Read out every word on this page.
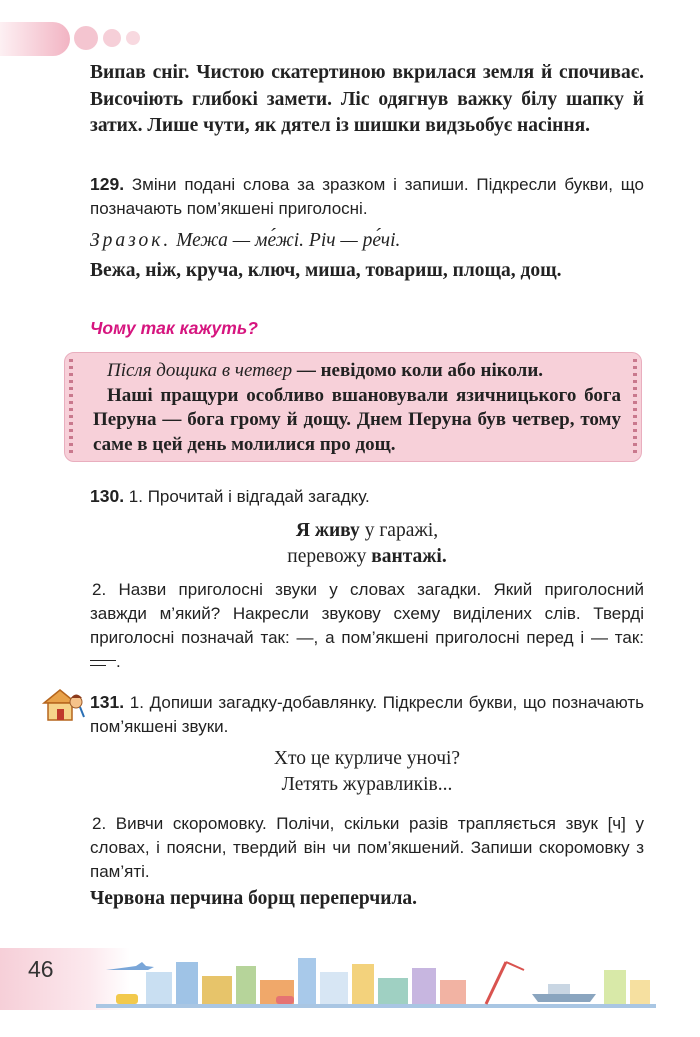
Випав сніг. Чистою скатертиною вкрилася земля й спочиває. Височіють глибокі замети. Ліс одягнув важку білу шапку й затих. Лише чути, як дятел із шишки видзьобує насіння.
129. Зміни подані слова за зразком і запиши. Підкресли букви, що позначають пом’якшені приголосні.
Зразок. Межа — ме́жі. Річ — ре́чі.
Вежа, ніж, круча, ключ, миша, товариш, площа, дощ.
Чому так кажуть?
Після дощика в четвер — невідомо коли або ніколи.
Наші пращури особливо вшановували язичницького бога Перуна — бога грому й дощу. Днем Перуна був четвер, тому саме в цей день молилися про дощ.
130. 1. Прочитай і відгадай загадку.
Я живу у гаражі,
перевожу вантажі.
2. Назви приголосні звуки у словах загадки. Який приголосний завжди м’який? Накресли звукову схему виділених слів. Тверді приголосні позначай так: —, а пом’якшені приголосні перед і — так: .
131. 1. Допиши загадку-добавлянку. Підкресли букви, що позначають пом’якшені звуки.
Хто це курличе уночі?
Летять журавликів...
2. Вивчи скоромовку. Полічи, скільки разів трапляється звук [ч] у словах, і поясни, твердий він чи пом’якшений. Запиши скоромовку з пам’яті.
Червона перчина борщ переперчила.
46
